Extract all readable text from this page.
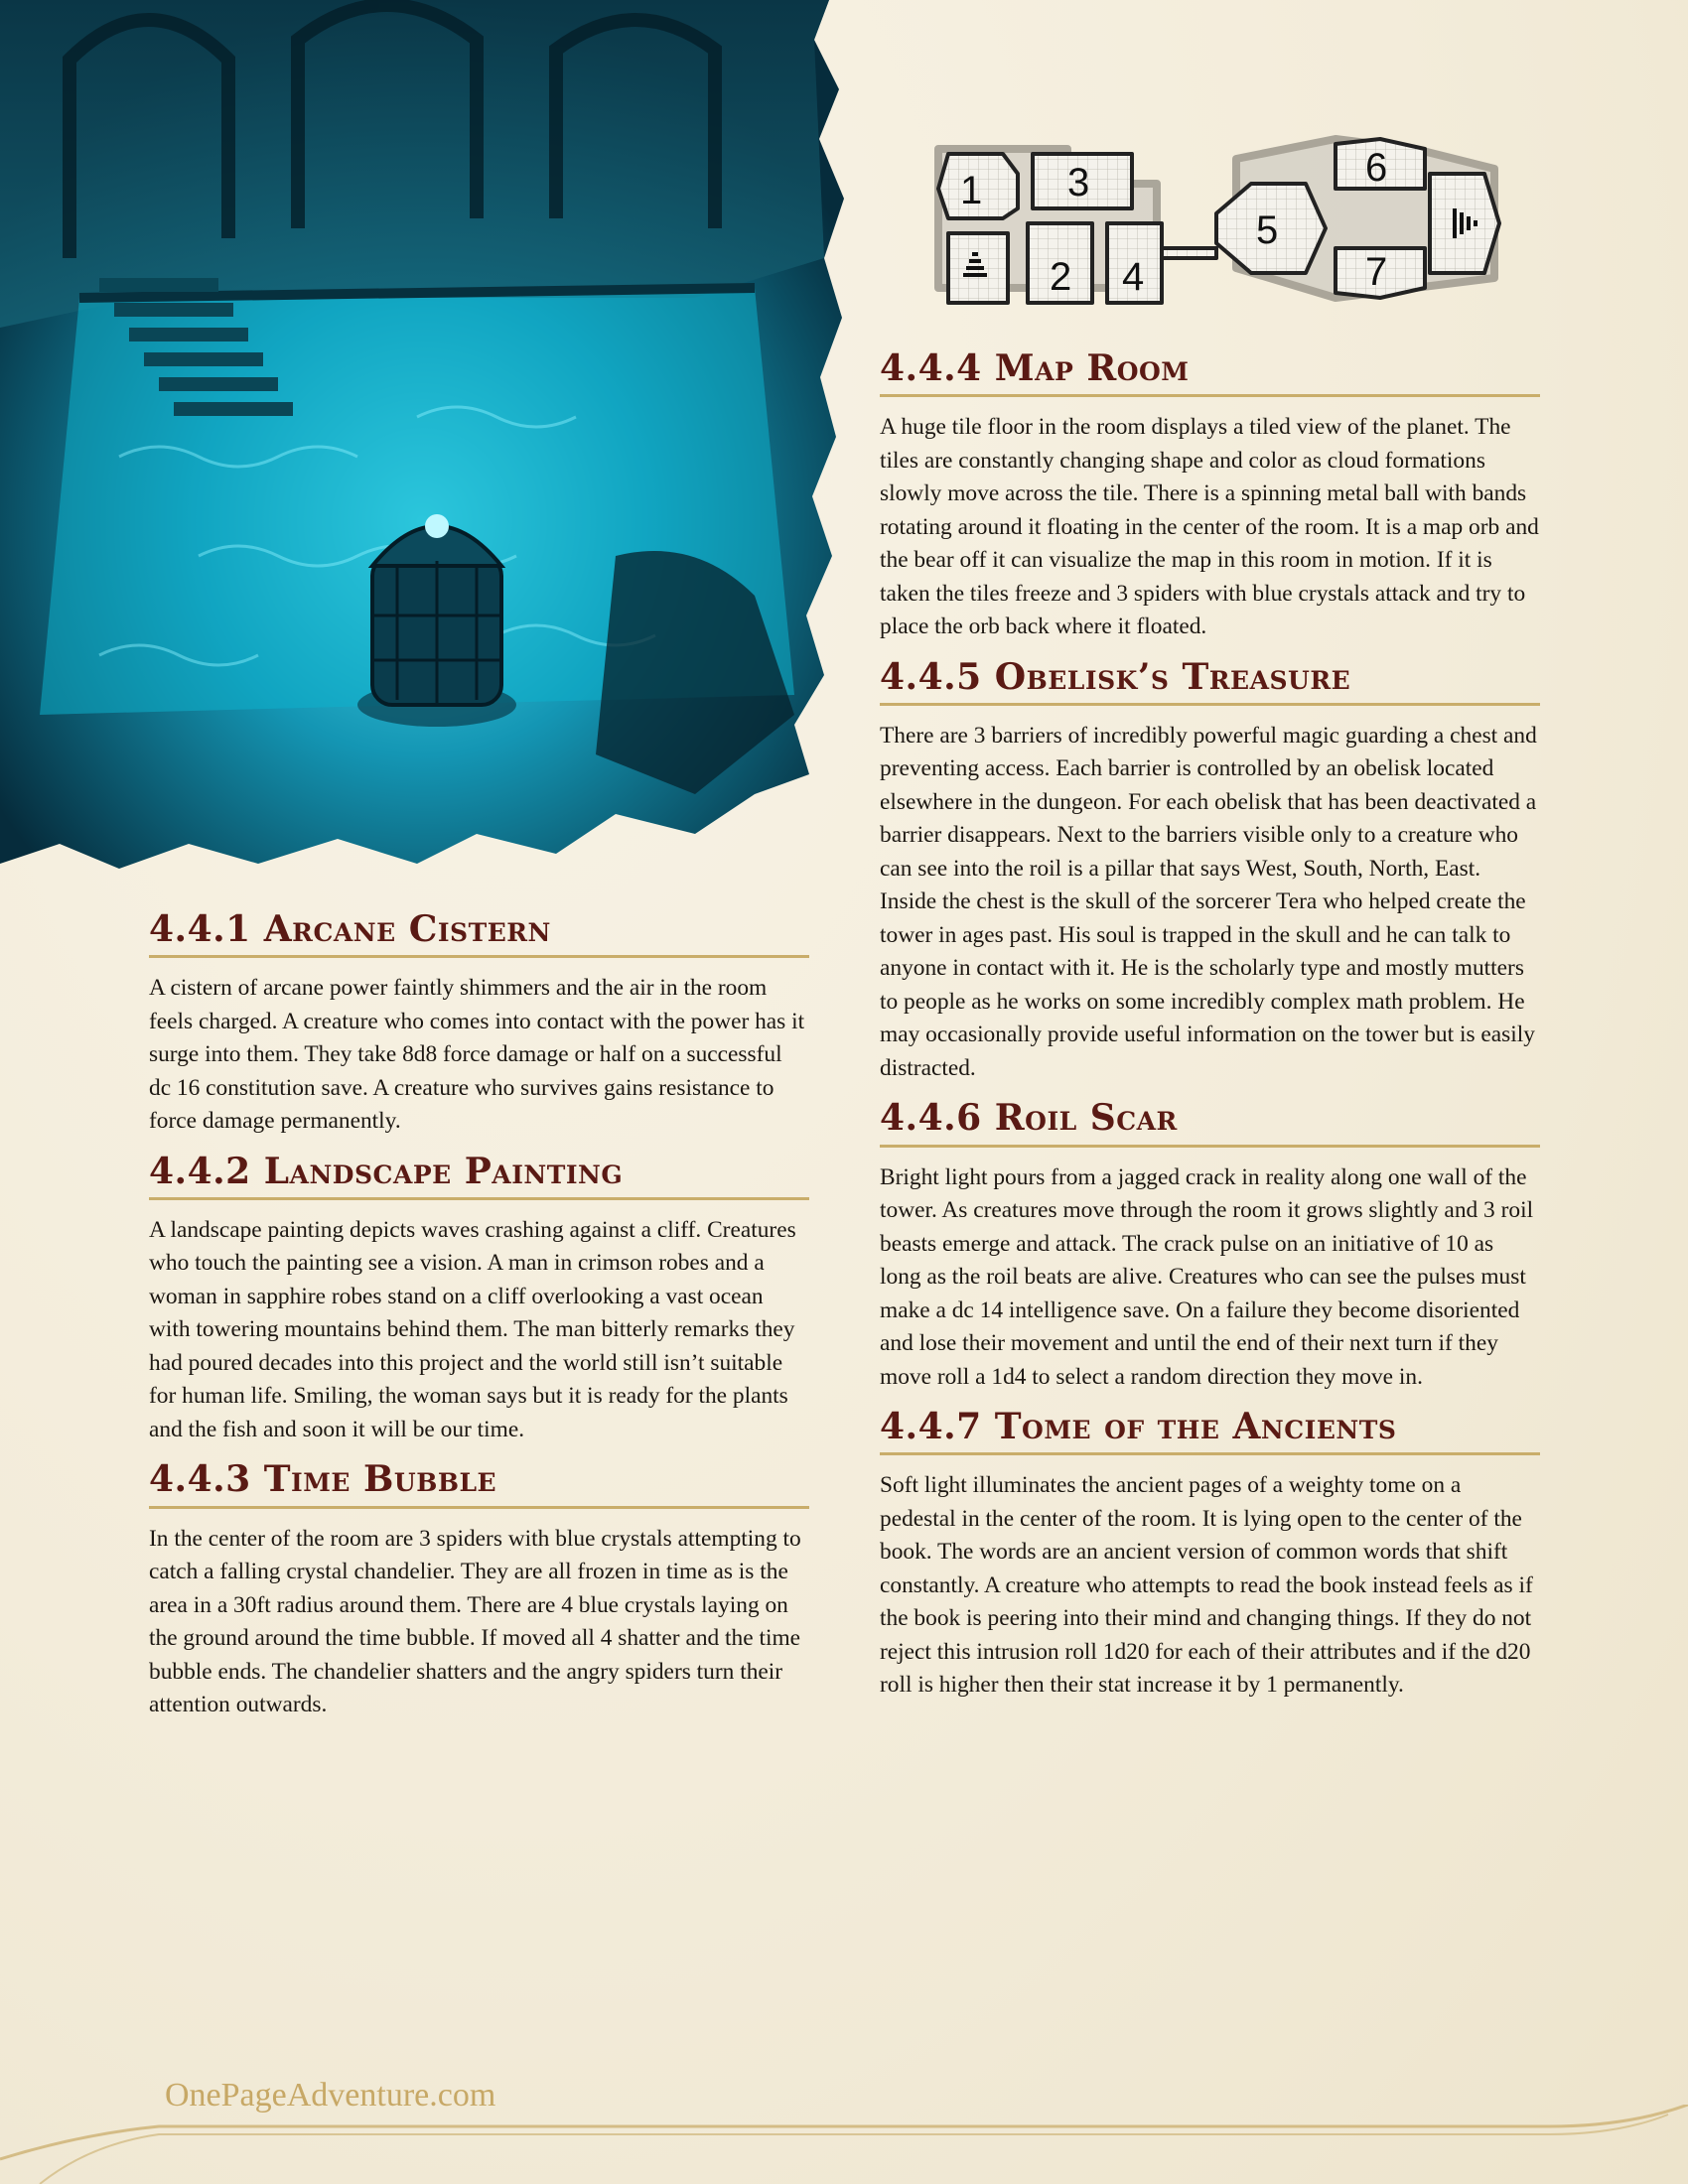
1
2
3
4
5
6
7
4.4.1 Arcane Cistern

A cistern of arcane power faintly shimmers and the air in the room feels charged. A creature who comes into contact with the power has it surge into them. They take 8d8 force damage or half on a successful dc 16 constitution save. A creature who survives gains resistance to force damage permanently.

4.4.2 Landscape Painting

A landscape painting depicts waves crashing against a cliff. Creatures who touch the painting see a vision. A man in crimson robes and a woman in sapphire robes stand on a cliff overlooking a vast ocean with towering mountains behind them. The man bitterly remarks they had poured decades into this project and the world still isn’t suitable for human life. Smiling, the woman says but it is ready for the plants and the fish and soon it will be our time.

4.4.3 Time Bubble

In the center of the room are 3 spiders with blue crystals attempting to catch a falling crystal chandelier. They are all frozen in time as is the area in a 30ft radius around them. There are 4 blue crystals laying on the ground around the time bubble. If moved all 4 shatter and the time bubble ends. The chandelier shatters and the angry spiders turn their attention outwards.

4.4.4 Map Room

A huge tile floor in the room displays a tiled view of the planet. The tiles are constantly changing shape and color as cloud formations slowly move across the tile. There is a spinning metal ball with bands rotating around it floating in the center of the room. It is a map orb and the bear off it can visualize the map in this room in motion. If it is taken the tiles freeze and 3 spiders with blue crystals attack and try to place the orb back where it floated.

4.4.5 Obelisk’s Treasure

There are 3 barriers of incredibly powerful magic guarding a chest and preventing access. Each barrier is controlled by an obelisk located elsewhere in the dungeon. For each obelisk that has been deactivated a barrier disappears. Next to the barriers visible only to a creature who can see into the roil is a pillar that says West, South, North, East. Inside the chest is the skull of the sorcerer Tera who helped create the tower in ages past. His soul is trapped in the skull and he can talk to anyone in contact with it. He is the scholarly type and mostly mutters to people as he works on some incredibly complex math problem. He may occasionally provide useful information on the tower but is easily distracted.

4.4.6 Roil Scar

Bright light pours from a jagged crack in reality along one wall of the tower. As creatures move through the room it grows slightly and 3 roil beasts emerge and attack. The crack pulse on an initiative of 10 as long as the roil beats are alive. Creatures who can see the pulses must make a dc 14 intelligence save. On a failure they become disoriented and lose their movement and until the end of their next turn if they move roll a 1d4 to select a random direction they move in.

4.4.7 Tome of the Ancients

Soft light illuminates the ancient pages of a weighty tome on a pedestal in the center of the room. It is lying open to the center of the book. The words are an ancient version of common words that shift constantly. A creature who attempts to read the book instead feels as if the book is peering into their mind and changing things. If they do not reject this intrusion roll 1d20 for each of their attributes and if the d20 roll is higher then their stat increase it by 1 permanently.

OnePageAdventure.com
